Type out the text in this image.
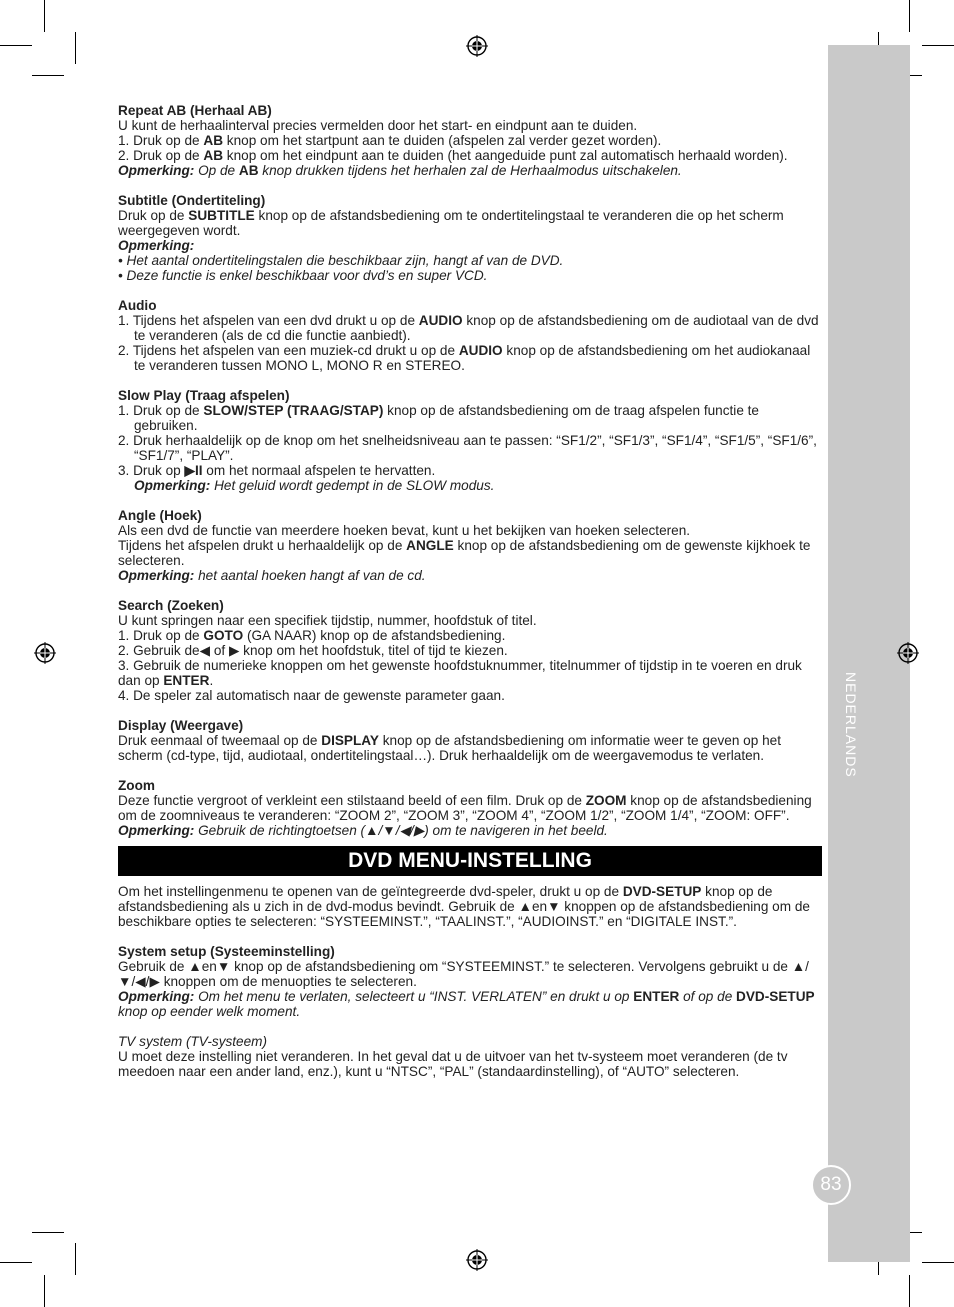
NEDERLANDS
83

Repeat AB (Herhaal AB)

U kunt de herhaalinterval precies vermelden door het start- en eindpunt aan te duiden.

1. Druk op de AB knop om het startpunt aan te duiden (afspelen zal verder gezet worden).

2. Druk op de AB knop om het eindpunt aan te duiden (het aangeduide punt zal automatisch herhaald worden).

Opmerking: Op de AB knop drukken tijdens het herhalen zal de Herhaalmodus uitschakelen.

Subtitle (Ondertiteling)

Druk op de SUBTITLE knop op de afstandsbediening om te ondertitelingstaal te veranderen die op het scherm weergegeven wordt.

Opmerking:

• Het aantal ondertitelingstalen die beschikbaar zijn, hangt af van de DVD.

• Deze functie is enkel beschikbaar voor dvd’s en super VCD.

Audio

1. Tijdens het afspelen van een dvd drukt u op de AUDIO knop op de afstandsbediening om de audiotaal van de dvd te veranderen (als de cd die functie aanbiedt).

2. Tijdens het afspelen van een muziek-cd drukt u op de AUDIO knop op de afstandsbediening om het audiokanaal te veranderen tussen MONO L, MONO R en STEREO.

Slow Play (Traag afspelen)

1. Druk op de SLOW/STEP (TRAAG/STAP) knop op de afstandsbediening om de traag afspelen functie te gebruiken.

2. Druk herhaaldelijk op de knop om het snelheidsniveau aan te passen: “SF1/2”, “SF1/3”, “SF1/4”, “SF1/5”, “SF1/6”, “SF1/7”, “PLAY”.

3. Druk op ▶II om het normaal afspelen te hervatten.

Opmerking: Het geluid wordt gedempt in de SLOW modus.

Angle (Hoek)

Als een dvd de functie van meerdere hoeken bevat, kunt u het bekijken van hoeken selecteren.

Tijdens het afspelen drukt u herhaaldelijk op de ANGLE knop op de afstandsbediening om de gewenste kijkhoek te selecteren.

Opmerking: het aantal hoeken hangt af van de cd.

Search (Zoeken)

U kunt springen naar een specifiek tijdstip, nummer, hoofdstuk of titel.

1. Druk op de GOTO (GA NAAR) knop op de afstandsbediening.

2. Gebruik de◀ of ▶ knop om het hoofdstuk, titel of tijd te kiezen.

3. Gebruik de numerieke knoppen om het gewenste hoofdstuknummer, titelnummer of tijdstip in te voeren en druk dan op ENTER.

4. De speler zal automatisch naar de gewenste parameter gaan.

Display (Weergave)

Druk eenmaal of tweemaal op de DISPLAY knop op de afstandsbediening om informatie weer te geven op het scherm (cd-type, tijd, audiotaal, ondertitelingstaal…). Druk herhaaldelijk om de weergavemodus te verlaten.

Zoom

Deze functie vergroot of verkleint een stilstaand beeld of een film. Druk op de ZOOM knop op de afstandsbediening om de zoomniveaus te veranderen: “ZOOM 2”, “ZOOM 3”, “ZOOM 4”, “ZOOM 1/2”, “ZOOM 1/4”, “ZOOM: OFF”.

Opmerking: Gebruik de richtingtoetsen (▲/▼/◀/▶) om te navigeren in het beeld.

DVD MENU-INSTELLING

Om het instellingenmenu te openen van de geïntegreerde dvd-speler, drukt u op de DVD-SETUP knop op de afstandsbediening als u zich in de dvd-modus bevindt. Gebruik de ▲en▼ knoppen op de afstandsbediening om de beschikbare opties te selecteren: “SYSTEEMINST.”, “TAALINST.”, “AUDIOINST.” en “DIGITALE INST.”.

System setup (Systeeminstelling)

Gebruik de ▲en▼ knop op de afstandsbediening om “SYSTEEMINST.” te selecteren. Vervolgens gebruikt u de ▲/▼/◀/▶ knoppen om de menuopties te selecteren.

Opmerking: Om het menu te verlaten, selecteert u “INST. VERLATEN” en drukt u op ENTER of op de DVD-SETUP knop op eender welk moment.

TV system (TV-systeem)

U moet deze instelling niet veranderen. In het geval dat u de uitvoer van het tv-systeem moet veranderen (de tv meedoen naar een ander land, enz.), kunt u “NTSC”, “PAL” (standaardinstelling), of “AUTO” selecteren.
